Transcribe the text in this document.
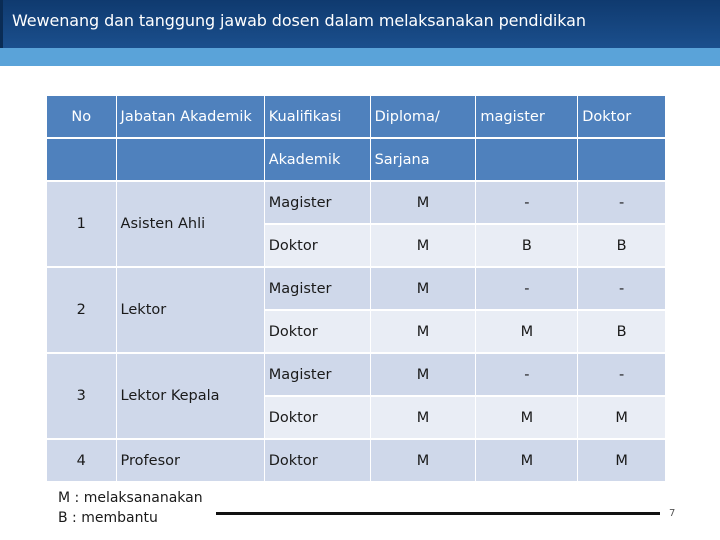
Wewenang dan tanggung jawab dosen dalam melaksanakan pendidikan
No	Jabatan Akademik	Kualifikasi	Diploma/	magister	Doktor
		Akademik	Sarjana		
1	Asisten Ahli	Magister	M	-	-
		Doktor	M	B	B
2	Lektor	Magister	M	-	-
		Doktor	M	M	B
3	Lektor Kepala	Magister	M	-	-
		Doktor	M	M	M
4	Profesor	Doktor	M	M	M
M : melaksananakan
B : membantu	7
